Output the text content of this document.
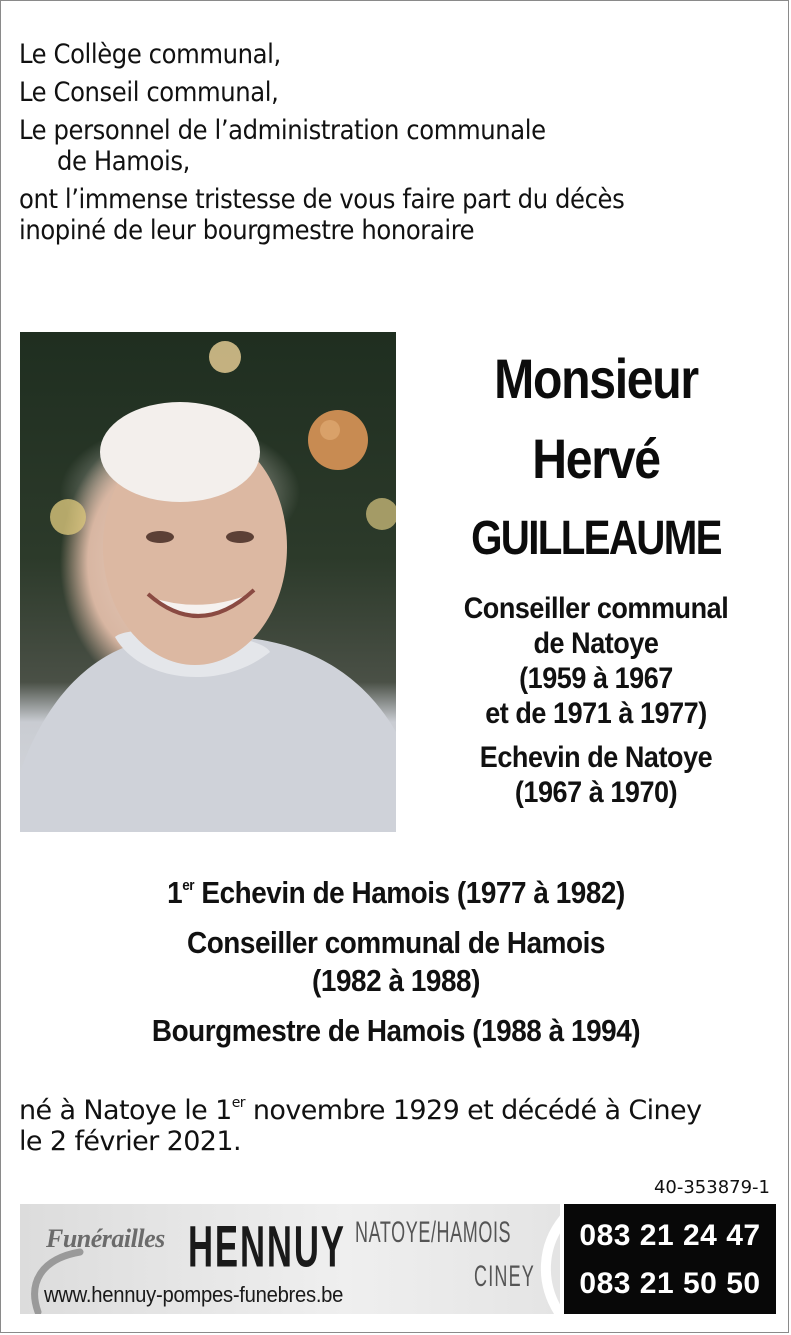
Le Collège communal,
Le Conseil communal,
Le personnel de l’administration communale
de Hamois,
ont l’immense tristesse de vous faire part du décès
inopiné de leur bourgmestre honoraire
Monsieur
Hervé
GUILLEAUME
Conseiller communal
de Natoye
(1959 à 1967
et de 1971 à 1977)
Echevin de Natoye
(1967 à 1970)
1er Echevin de Hamois (1977 à 1982)
Conseiller communal de Hamois
(1982 à 1988)
Bourgmestre de Hamois (1988 à 1994)
né à Natoye le 1er novembre 1929 et décédé à Ciney
le 2 février 2021.
40-353879-1
Funérailles HENNUY NATOYE/HAMOIS
CINEY
www.hennuy-pompes-funebres.be
083 21 24 47
083 21 50 50
